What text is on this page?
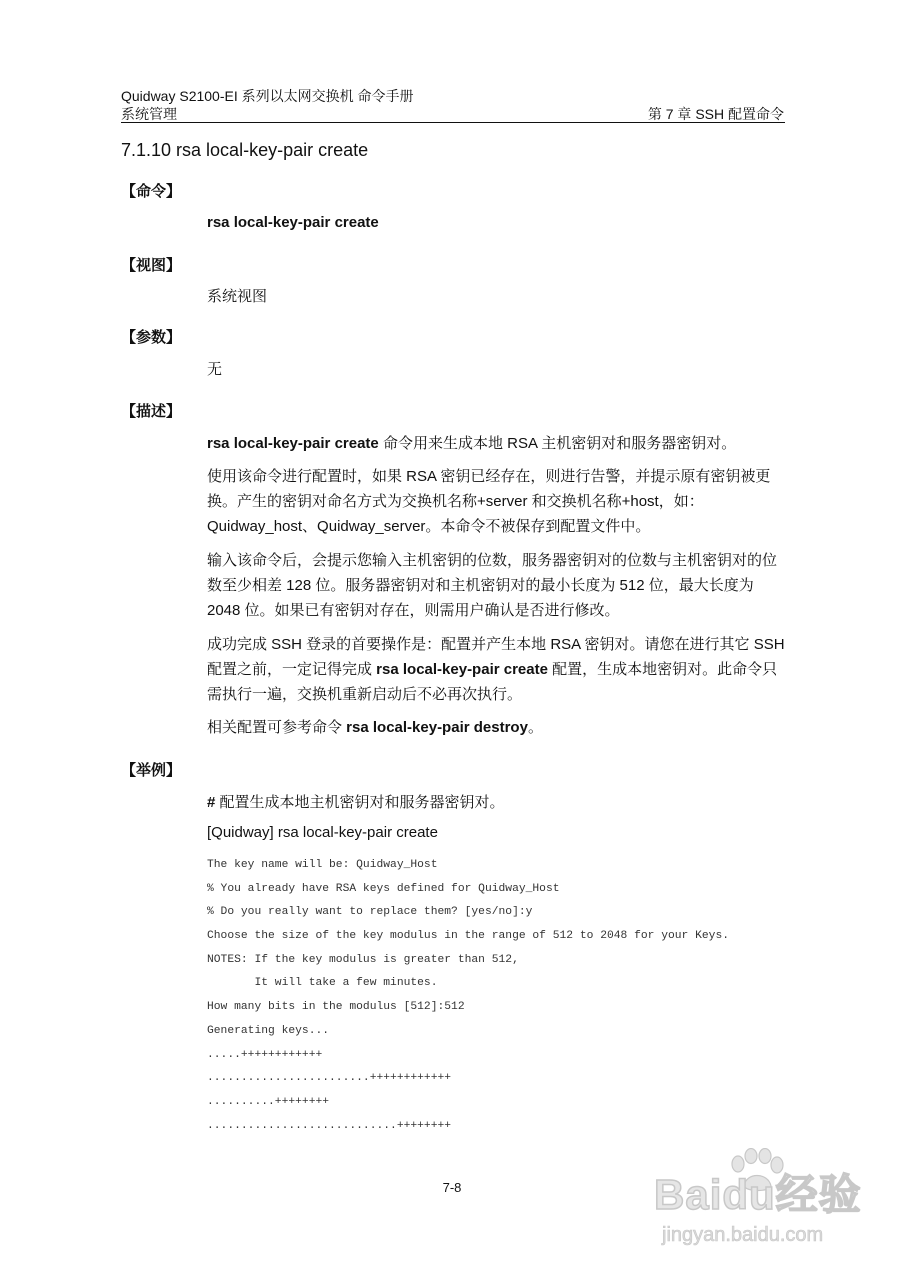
Quidway S2100-EI 系列以太网交换机 命令手册
系统管理	第 7 章 SSH 配置命令
7.1.10 rsa local-key-pair create
【命令】
rsa local-key-pair create
【视图】
系统视图
【参数】
无
【描述】
rsa local-key-pair create 命令用来生成本地 RSA 主机密钥对和服务器密钥对。
使用该命令进行配置时，如果 RSA 密钥已经存在，则进行告警，并提示原有密钥被更换。产生的密钥对命名方式为交换机名称+server 和交换机名称+host，如：Quidway_host、Quidway_server。本命令不被保存到配置文件中。
输入该命令后，会提示您输入主机密钥的位数，服务器密钥对的位数与主机密钥对的位数至少相差 128 位。服务器密钥对和主机密钥对的最小长度为 512 位，最大长度为 2048 位。如果已有密钥对存在，则需用户确认是否进行修改。
成功完成 SSH 登录的首要操作是：配置并产生本地 RSA 密钥对。请您在进行其它 SSH 配置之前，一定记得完成 rsa local-key-pair create 配置，生成本地密钥对。此命令只需执行一遍，交换机重新启动后不必再次执行。
相关配置可参考命令 rsa local-key-pair destroy。
【举例】
# 配置生成本地主机密钥对和服务器密钥对。
[Quidway] rsa local-key-pair create
The key name will be: Quidway_Host
% You already have RSA keys defined for Quidway_Host
% Do you really want to replace them? [yes/no]:y
Choose the size of the key modulus in the range of 512 to 2048 for your Keys.
NOTES: If the key modulus is greater than 512,
It will take a few minutes.
How many bits in the modulus [512]:512
Generating keys...
.....++++++++++++
........................++++++++++++
..........++++++++
............................++++++++
7-8	Baidu经验
jingyan.baidu.com
